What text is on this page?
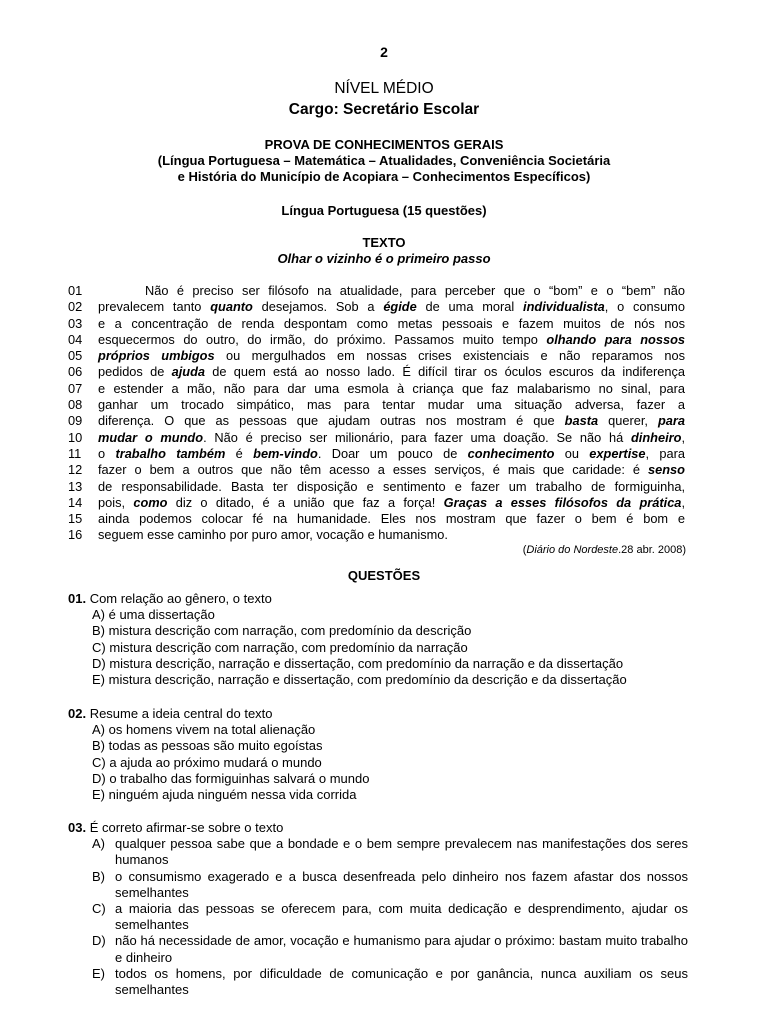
2
NÍVEL MÉDIO
Cargo: Secretário Escolar
PROVA DE CONHECIMENTOS GERAIS
(Língua Portuguesa – Matemática – Atualidades, Conveniência Societária
e História do Município de Acopiara – Conhecimentos Específicos)
Língua Portuguesa (15 questões)
TEXTO
Olhar o vizinho é o primeiro passo
01	Não é preciso ser filósofo na atualidade, para perceber que o “bom” e o “bem” não
02	prevalecem tanto quanto desejamos. Sob a égide de uma moral individualista, o consumo
03	e a concentração de renda despontam como metas pessoais e fazem muitos de nós nos
04	esquecermos do outro, do irmão, do próximo. Passamos muito tempo olhando para nossos
05	próprios umbigos ou mergulhados em nossas crises existenciais e não reparamos nos
06	pedidos de ajuda de quem está ao nosso lado. É difícil tirar os óculos escuros da indiferença
07	e estender a mão, não para dar uma esmola à criança que faz malabarismo no sinal, para
08	ganhar um trocado simpático, mas para tentar mudar uma situação adversa, fazer a
09	diferença. O que as pessoas que ajudam outras nos mostram é que basta querer, para
10	mudar o mundo. Não é preciso ser milionário, para fazer uma doação. Se não há dinheiro,
11	o trabalho também é bem-vindo. Doar um pouco de conhecimento ou expertise, para
12	fazer o bem a outros que não têm acesso a esses serviços, é mais que caridade: é senso
13	de responsabilidade. Basta ter disposição e sentimento e fazer um trabalho de formiguinha,
14	pois, como diz o ditado, é a união que faz a força! Graças a esses filósofos da prática,
15	ainda podemos colocar fé na humanidade. Eles nos mostram que fazer o bem é bom e
16	seguem esse caminho por puro amor, vocação e humanismo.
(Diário do Nordeste.28 abr. 2008)
QUESTÕES
01. Com relação ao gênero, o texto
A) é uma dissertação
B) mistura descrição com narração, com predomínio da descrição
C) mistura descrição com narração, com predomínio da narração
D) mistura descrição, narração e dissertação, com predomínio da narração e da dissertação
E) mistura descrição, narração e dissertação, com predomínio da descrição e da dissertação
02. Resume a ideia central do texto
A) os homens vivem na total alienação
B) todas as pessoas são muito egoístas
C) a ajuda ao próximo mudará o mundo
D) o trabalho das formiguinhas salvará o mundo
E) ninguém ajuda ninguém nessa vida corrida
03. É correto afirmar-se sobre o texto
A) qualquer pessoa sabe que a bondade e o bem sempre prevalecem nas manifestações dos seres humanos
B) o consumismo exagerado e a busca desenfreada pelo dinheiro nos fazem afastar dos nossos semelhantes
C) a maioria das pessoas se oferecem para, com muita dedicação e desprendimento, ajudar os semelhantes
D) não há necessidade de amor, vocação e humanismo para ajudar o próximo: bastam muito trabalho e dinheiro
E) todos os homens, por dificuldade de comunicação e por ganância, nunca auxiliam os seus semelhantes
